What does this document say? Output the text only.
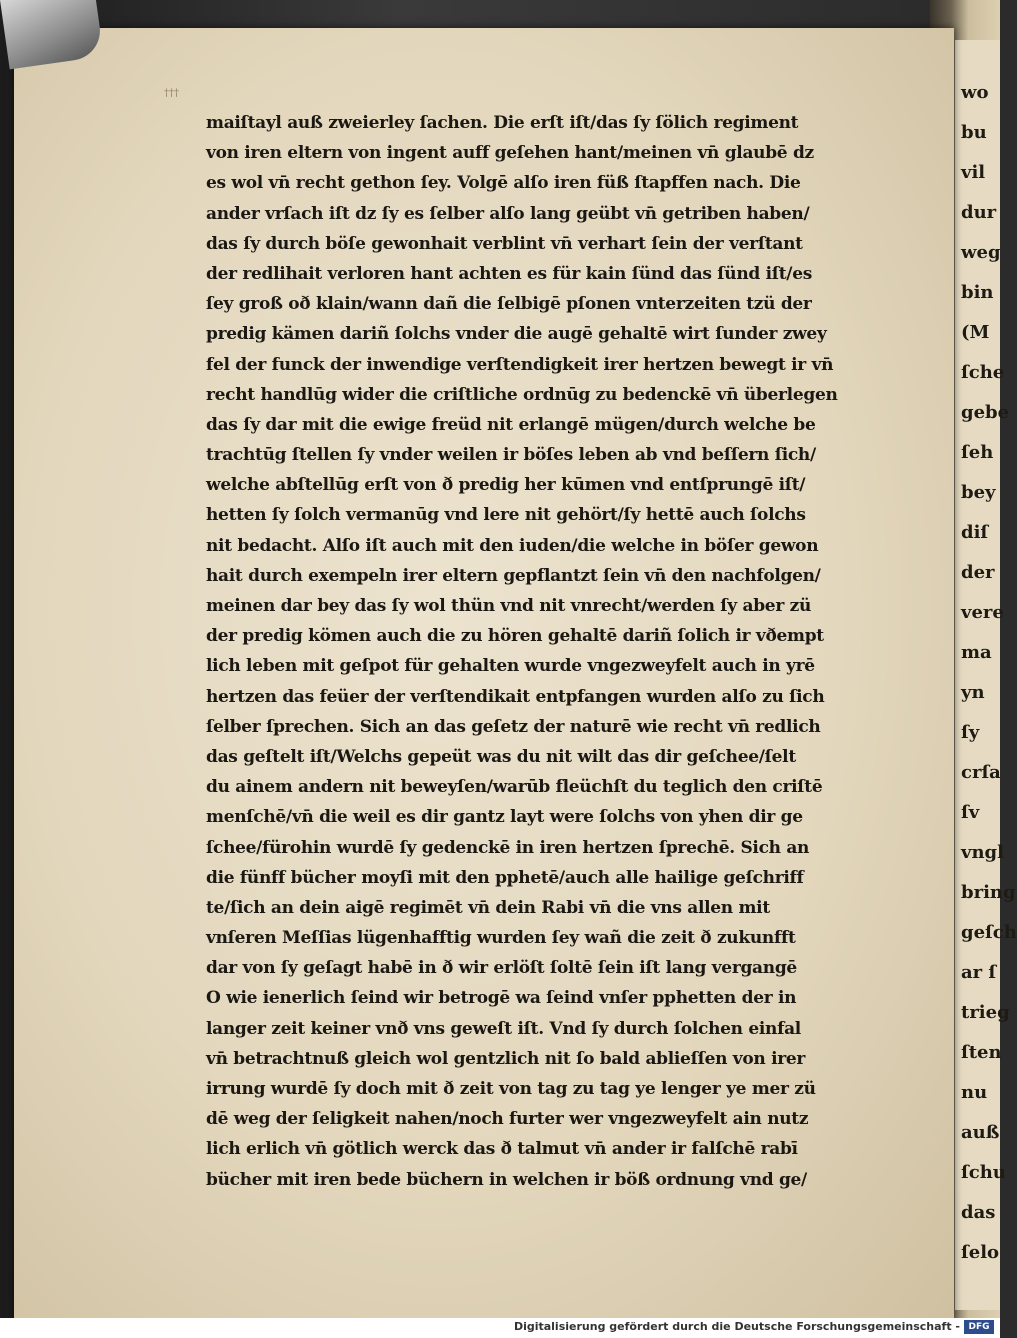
wo
bu
vil
dur
weg
bin
(M
ſche
gebe
ſeh
bey
diſ
der
vere
ma
yn
ſy
crſa
ſv
vngl
bring
geſch
ar ſ
trieg
ſten
nu
auß
ſchu
das
ſelo
†††
maiſtayl auß zweierley ſachen. Die erſt iſt/das ſy ſölich regiment
von iren eltern von ingent auff geſehen hant/meinen vn̄ glaubē dz
es wol vn̄ recht gethon ſey. Volgē alſo iren füß ſtapffen nach. Die
ander vrſach iſt dz ſy es ſelber alſo lang geübt vn̄ getriben haben/
das ſy durch böſe gewonhait verblint vn̄ verhart ſein der verſtant
der redlihait verloren hant achten es für kain ſünd das ſünd iſt/es
ſey groß oð klain/wann dañ die ſelbigē pſonen vnterzeiten tzü der
predig kämen dariñ ſolchs vnder die augē gehaltē wirt ſunder zwey
fel der funck der inwendige verſtendigkeit irer hertzen bewegt ir vn̄
recht handlūg wider die criſtliche ordnūg zu bedenckē vn̄ überlegen
das ſy dar mit die ewige freüd nit erlangē mügen/durch welche be
trachtūg ſtellen ſy vnder weilen ir böſes leben ab vnd beſſern ſich/
welche abſtellūg erſt von ð predig her kūmen vnd entſprungē iſt/
hetten ſy ſolch vermanūg vnd lere nit gehört/ſy hettē auch ſolchs
nit bedacht. Alſo iſt auch mit den iuden/die welche in böſer gewon
hait durch exempeln irer eltern gepflantzt ſein vn̄ den nachfolgen/
meinen dar bey das ſy wol thün vnd nit vnrecht/werden ſy aber zü
der predig kömen auch die zu hören gehaltē dariñ ſolich ir vðempt
lich leben mit geſpot für gehalten wurde vngezweyfelt auch in yrē
hertzen das feüer der verſtendikait entpfangen wurden alſo zu ſich
ſelber ſprechen. Sich an das geſetz der naturē wie recht vn̄ redlich
das geſtelt iſt/Welchs gepeüt was du nit wilt das dir geſchee/ſelt
du ainem andern nit beweyſen/warūb fleüchſt du teglich den criſtē
menſchē/vn̄ die weil es dir gantz layt were ſolchs von yhen dir ge
ſchee/fürohin wurdē ſy gedenckē in iren hertzen ſprechē. Sich an
die fünff bücher moyſi mit den pphetē/auch alle hailige geſchriff
te/ſich an dein aigē regimēt vn̄ dein Rabi vn̄ die vns allen mit
vnſeren Meſſias lügenhafftig wurden ſey wañ die zeit ð zukunfft
dar von ſy geſagt habē in ð wir erlöſt ſoltē ſein iſt lang vergangē
O wie ienerlich ſeind wir betrogē wa ſeind vnſer pphetten der in
langer zeit keiner vnð vns geweſt iſt. Vnd ſy durch ſolchen einfal
vn̄ betrachtnuß gleich wol gentzlich nit ſo bald ablieſſen von irer
irrung wurdē ſy doch mit ð zeit von tag zu tag ye lenger ye mer zü
dē weg der ſeligkeit nahen/noch furter wer vngezweyfelt ain nutz
lich erlich vn̄ götlich werck das ð talmut vn̄ ander ir falſchē rabī
bücher mit iren bede büchern in welchen ir böß ordnung vnd ge/
Digitalisierung gefördert durch die Deutsche Forschungsgemeinschaft - DFG
